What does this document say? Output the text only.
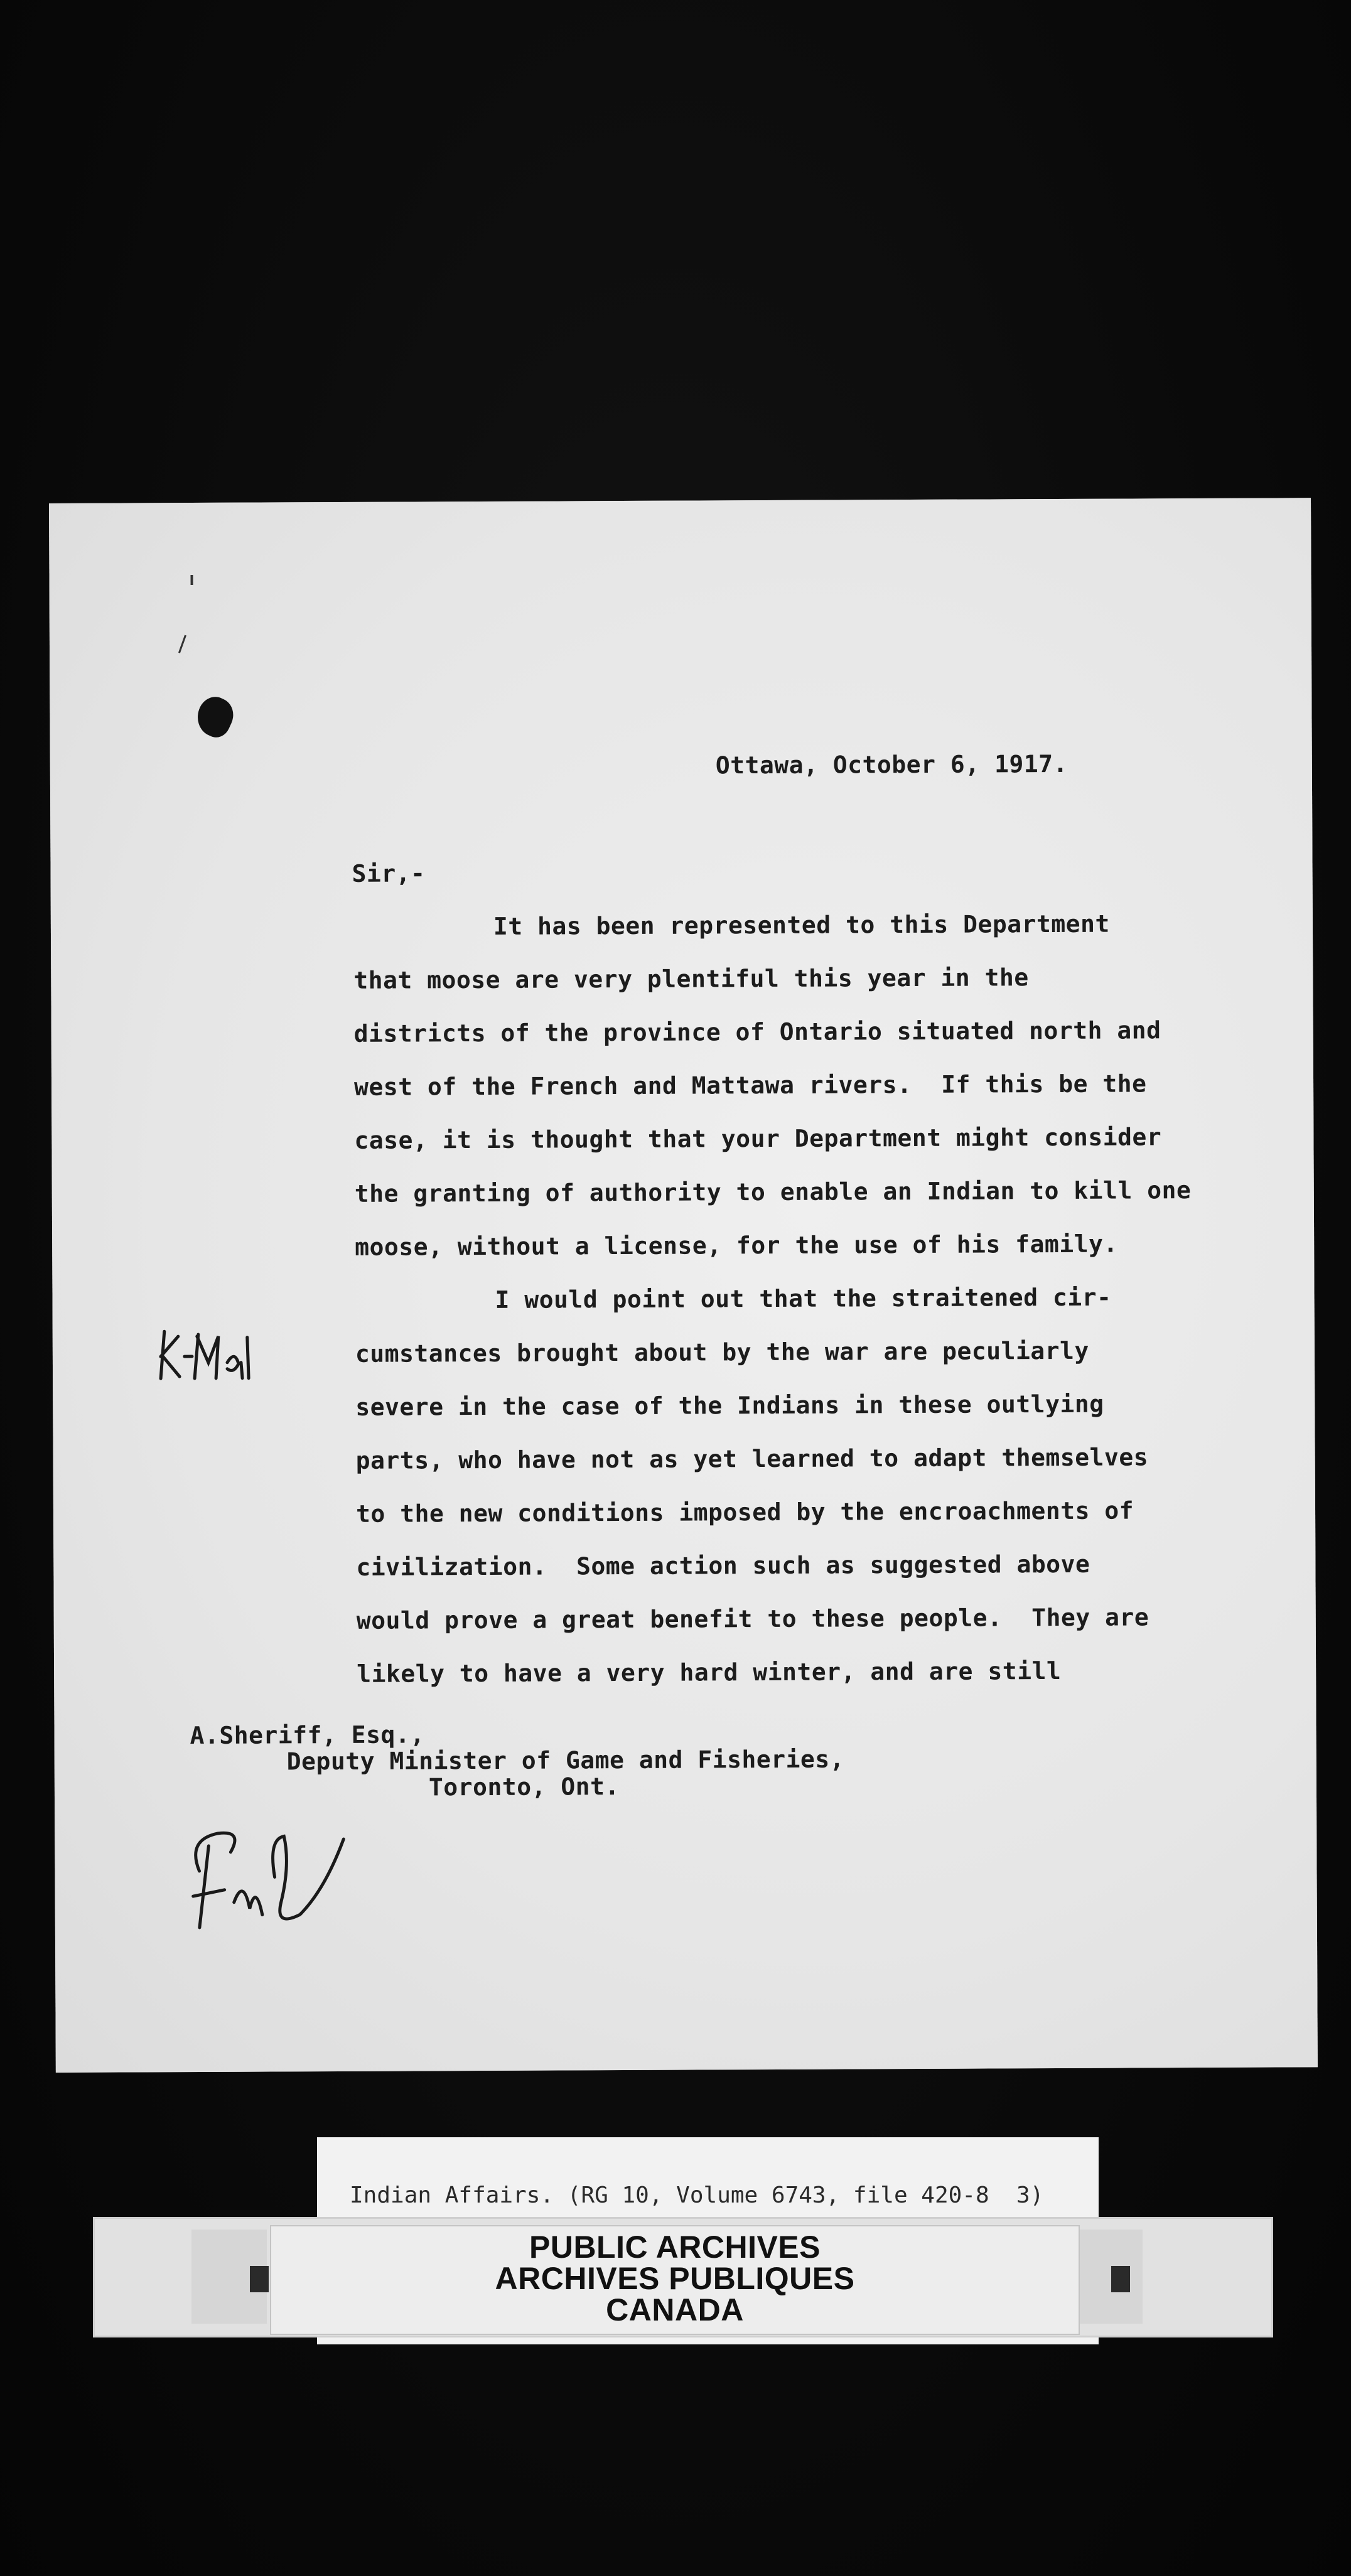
Ottawa, October 6, 1917.
Sir,-
It has been represented to this Department
that moose are very plentiful this year in the
districts of the province of Ontario situated north and
west of the French and Mattawa rivers.  If this be the
case, it is thought that your Department might consider
the granting of authority to enable an Indian to kill one
moose, without a license, for the use of his family.
I would point out that the straitened cir-
cumstances brought about by the war are peculiarly
severe in the case of the Indians in these outlying
parts, who have not as yet learned to adapt themselves
to the new conditions imposed by the encroachments of
civilization.  Some action such as suggested above
would prove a great benefit to these people.  They are
likely to have a very hard winter, and are still
A.Sheriff, Esq.,
Deputy Minister of Game and Fisheries,
Toronto, Ont.
Indian Affairs. (RG 10, Volume 6743, file 420-8  3)
PUBLIC ARCHIVES
ARCHIVES PUBLIQUES
CANADA
